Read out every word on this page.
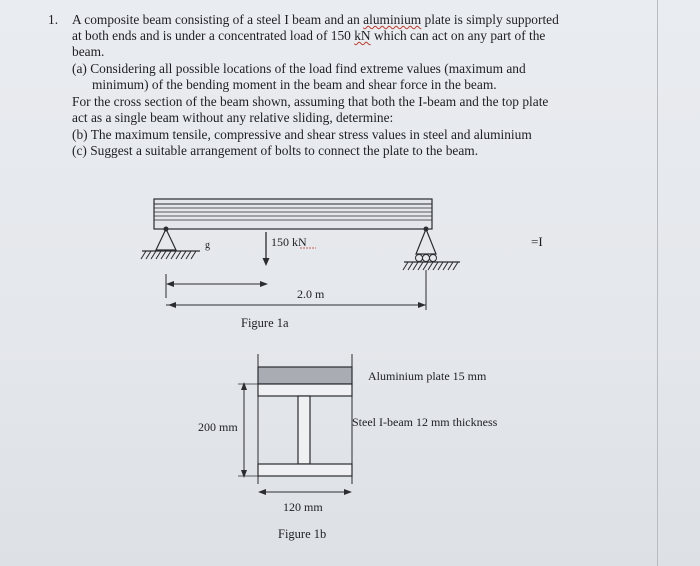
1. A composite beam consisting of a steel I beam and an aluminium plate is simply supported
at both ends and is under a concentrated load of 150 kN which can act on any part of the
beam.
(a) Considering all possible locations of the load find extreme values (maximum and
minimum) of the bending moment in the beam and shear force in the beam.
For the cross section of the beam shown, assuming that both the I-beam and the top plate
act as a single beam without any relative sliding, determine:
(b) The maximum tensile, compressive and shear stress values in steel and aluminium
(c) Suggest a suitable arrangement of bolts to connect the plate to the beam.
g	150 kN	=I
2.0 m
Figure 1a
200 mm
120 mm
Aluminium plate 15 mm
Steel I-beam 12 mm thickness
Figure 1b
